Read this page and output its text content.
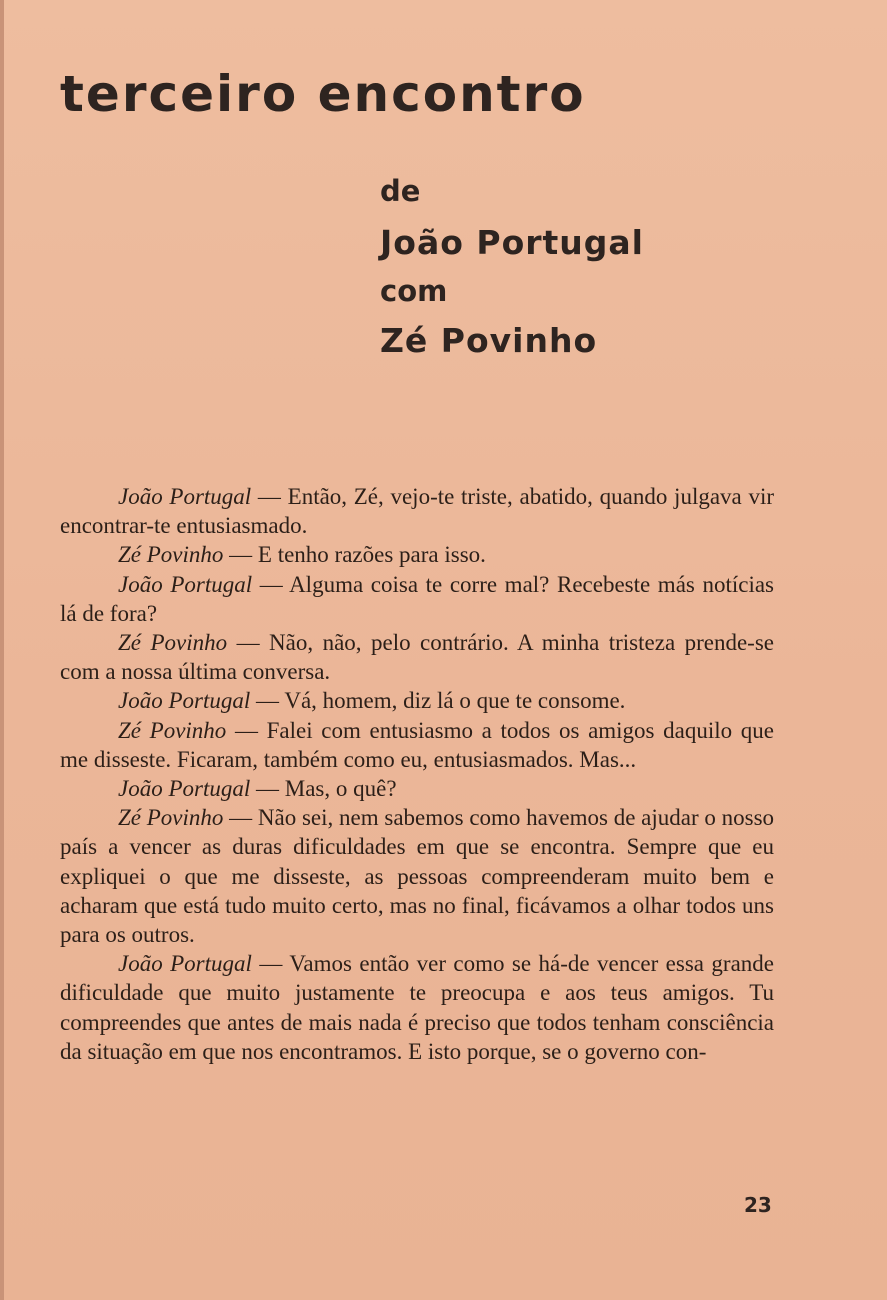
terceiro encontro
de
João Portugal
com
Zé Povinho

João Portugal — Então, Zé, vejo-te triste, abatido, quando julgava vir encontrar-te entusiasmado.

Zé Povinho — E tenho razões para isso.

João Portugal — Alguma coisa te corre mal? Recebeste más notícias lá de fora?

Zé Povinho — Não, não, pelo contrário. A minha tristeza prende-se com a nossa última conversa.

João Portugal — Vá, homem, diz lá o que te consome.

Zé Povinho — Falei com entusiasmo a todos os amigos daquilo que me disseste. Ficaram, também como eu, entusiasmados. Mas...

João Portugal — Mas, o quê?

Zé Povinho — Não sei, nem sabemos como havemos de ajudar o nosso país a vencer as duras dificuldades em que se encontra. Sempre que eu expliquei o que me disseste, as pessoas compreenderam muito bem e acharam que está tudo muito certo, mas no final, ficávamos a olhar todos uns para os outros.

João Portugal — Vamos então ver como se há-de vencer essa grande dificuldade que muito justamente te preocupa e aos teus amigos. Tu compreendes que antes de mais nada é preciso que todos tenham consciência da situação em que nos encontramos. E isto porque, se o governo con-

23
